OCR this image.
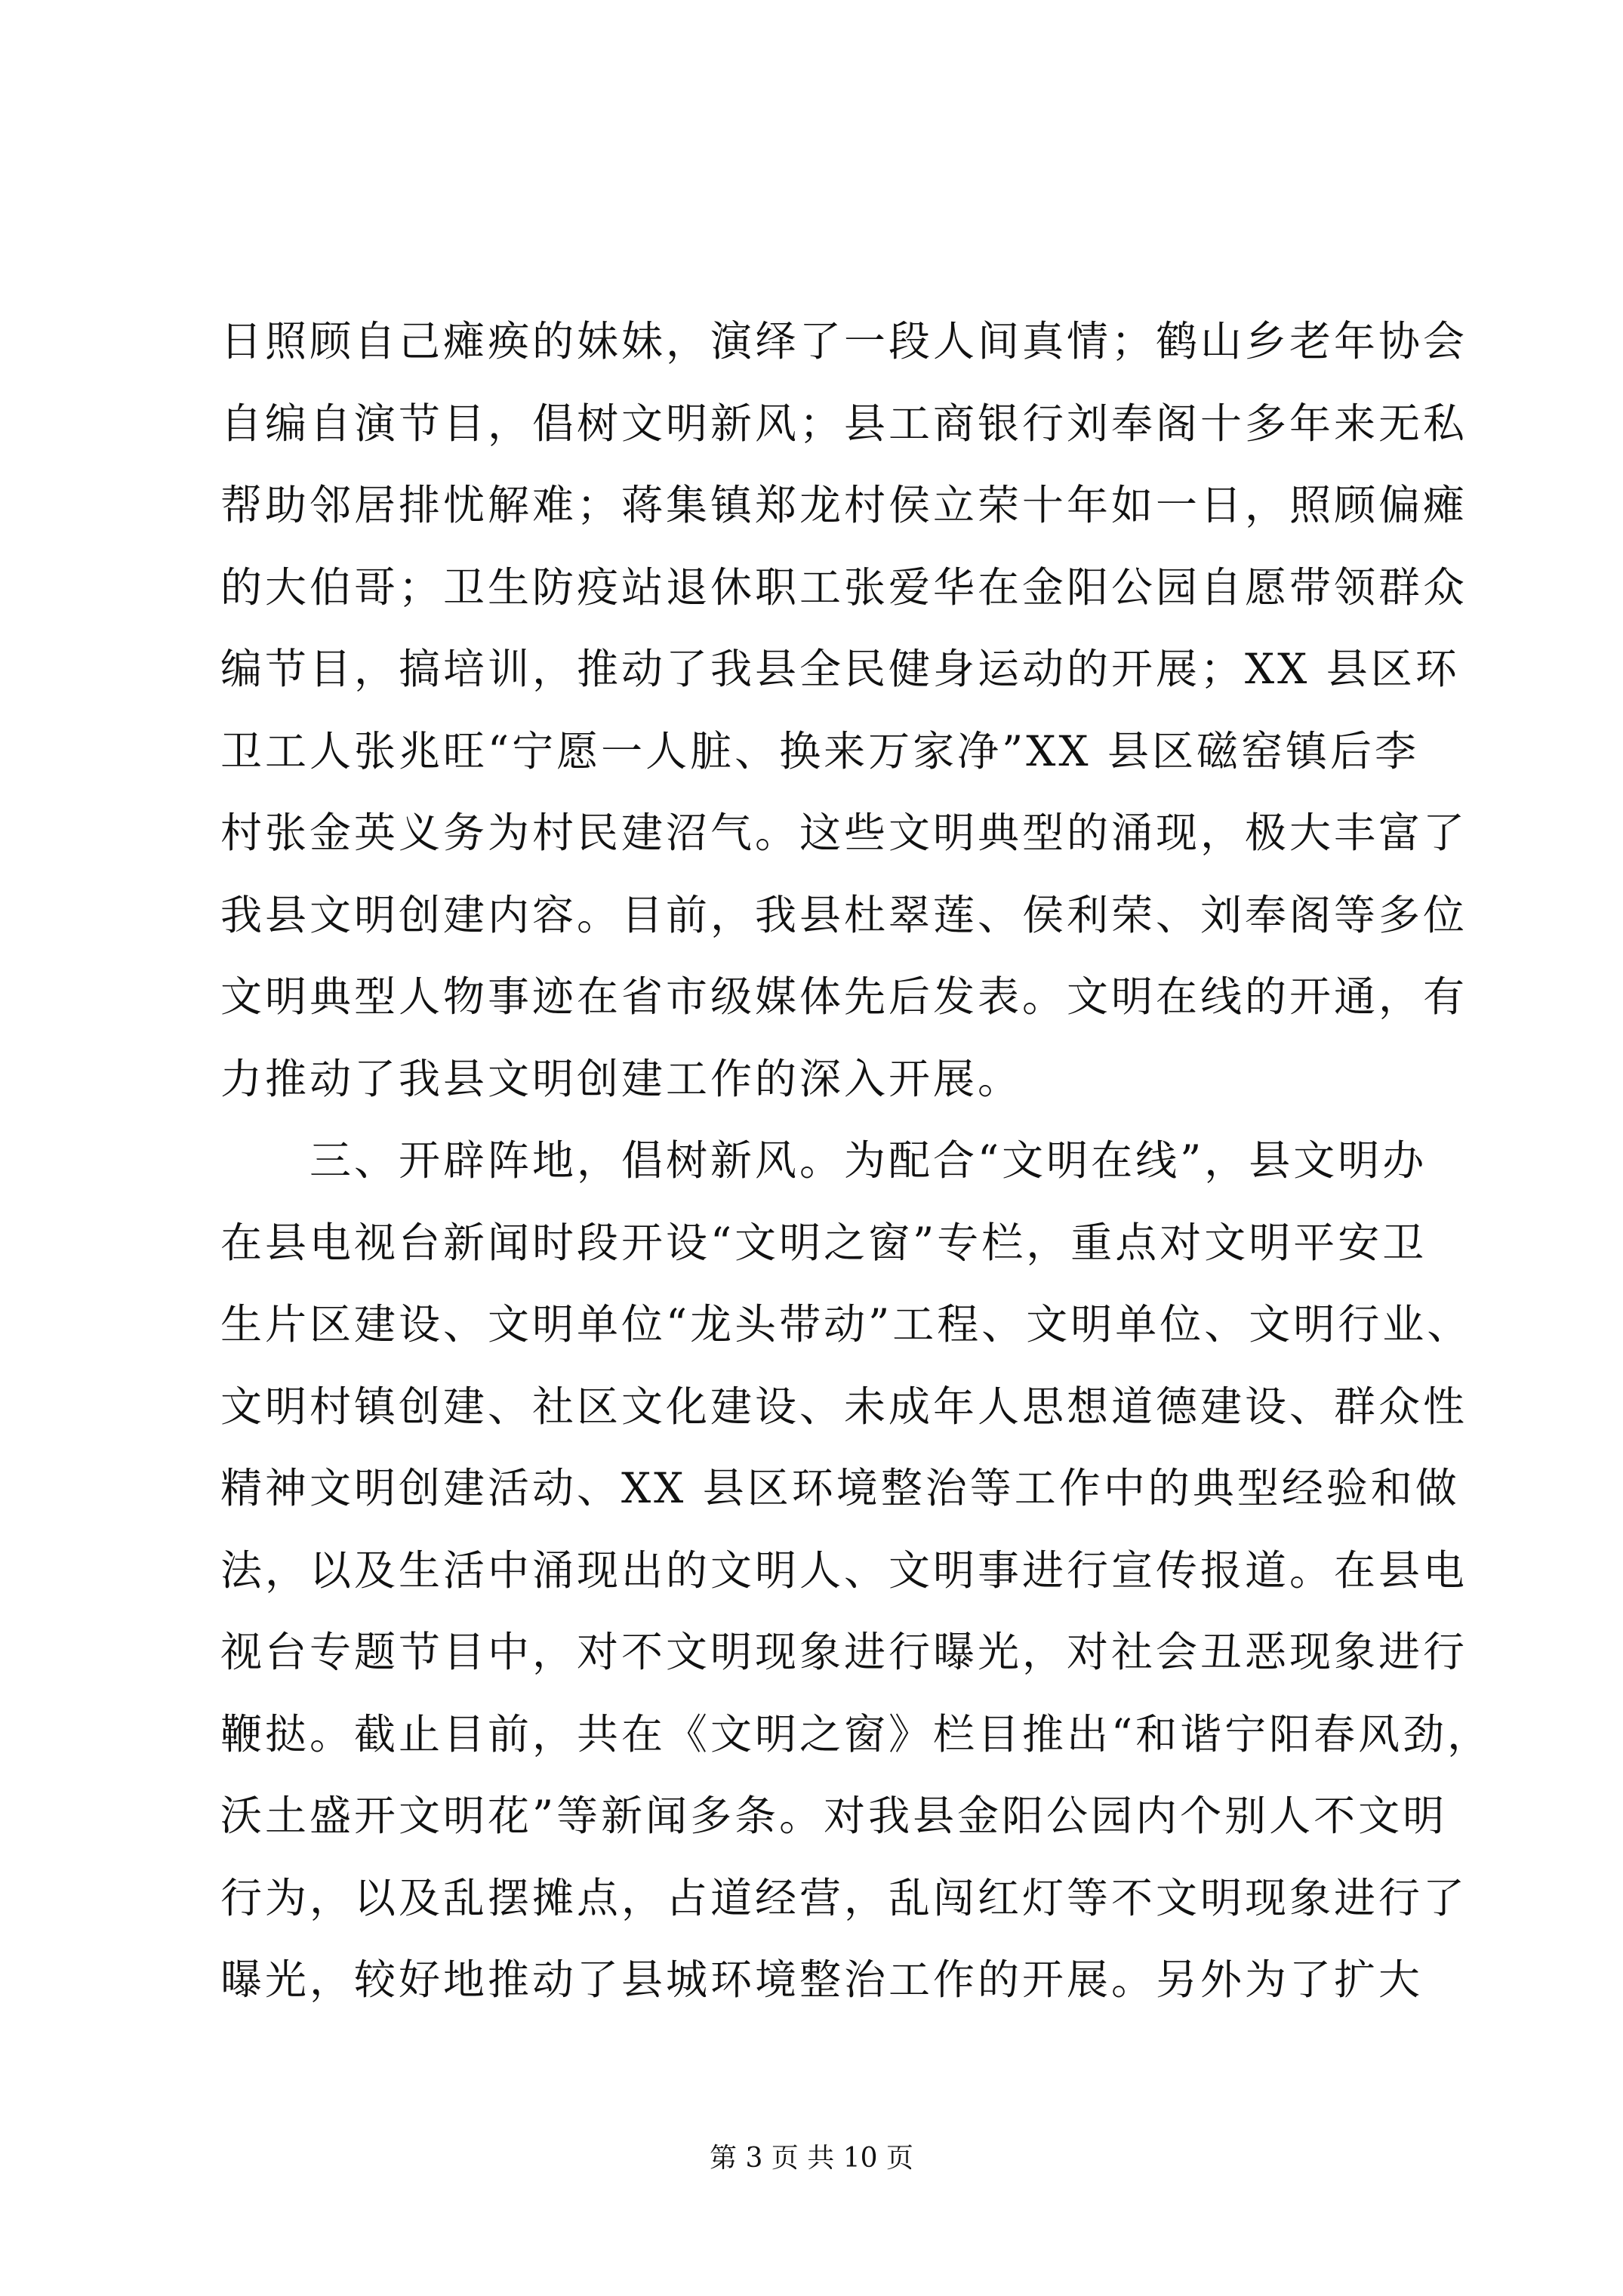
日照顾自己瘫痪的妹妹，演绎了一段人间真情；鹤山乡老年协会
自编自演节目，倡树文明新风；县工商银行刘奉阁十多年来无私
帮助邻居排忧解难；蒋集镇郑龙村侯立荣十年如一日，照顾偏瘫
的大伯哥；卫生防疫站退休职工张爱华在金阳公园自愿带领群众
编节目，搞培训，推动了我县全民健身运动的开展；XX 县区环
卫工人张兆旺“宁愿一人脏、换来万家净”XX 县区磁窑镇后李
村张金英义务为村民建沼气。这些文明典型的涌现，极大丰富了
我县文明创建内容。目前，我县杜翠莲、侯利荣、刘奉阁等多位
文明典型人物事迹在省市级媒体先后发表。文明在线的开通，有
力推动了我县文明创建工作的深入开展。
　　三、开辟阵地，倡树新风。为配合“文明在线”，县文明办
在县电视台新闻时段开设“文明之窗”专栏，重点对文明平安卫
生片区建设、文明单位“龙头带动”工程、文明单位、文明行业、
文明村镇创建、社区文化建设、未成年人思想道德建设、群众性
精神文明创建活动、XX 县区环境整治等工作中的典型经验和做
法，以及生活中涌现出的文明人、文明事进行宣传报道。在县电
视台专题节目中，对不文明现象进行曝光，对社会丑恶现象进行
鞭挞。截止目前，共在《文明之窗》栏目推出“和谐宁阳春风劲，
沃土盛开文明花”等新闻多条。对我县金阳公园内个别人不文明
行为，以及乱摆摊点，占道经营，乱闯红灯等不文明现象进行了
曝光，较好地推动了县城环境整治工作的开展。另外为了扩大
第 3 页 共 10 页
